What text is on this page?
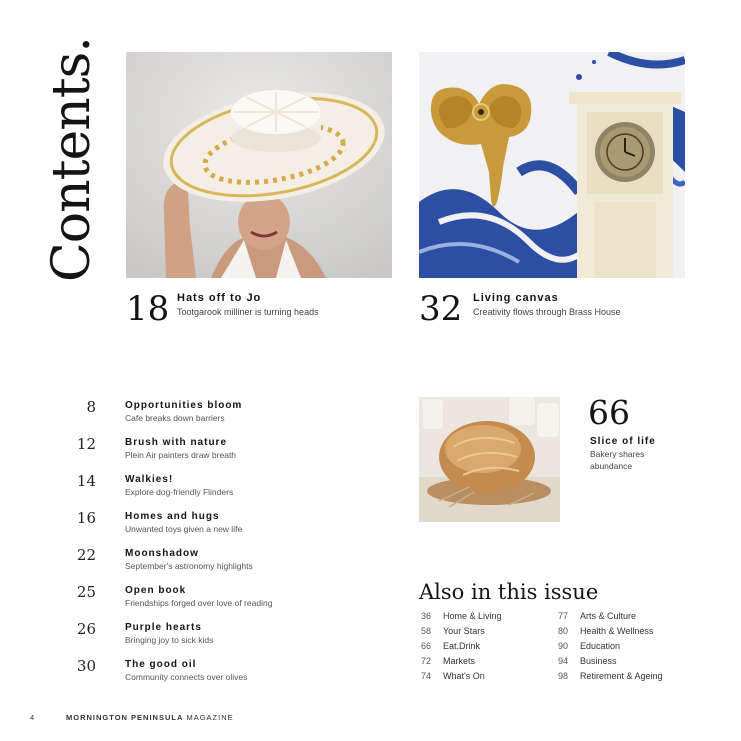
Contents.
18 Hats off to Jo
Tootgarook milliner is turning heads	32 Living canvas
Creativity flows through Brass House
8	Opportunities bloom
Cafe breaks down barriers
12	Brush with nature
Plein Air painters draw breath
14	Walkies!
Explore dog-friendly Flinders
16	Homes and hugs
Unwanted toys given a new life
22	Moonshadow
September's astronomy highlights
25	Open book
Friendships forged over love of reading
26	Purple hearts
Bringing joy to sick kids
30	The good oil
Community connects over olives
66
Slice of life
Bakery shares
abundance
Also in this issue
36 Home & Living
58 Your Stars
66 Eat.Drink
72 Markets
74 What's On
77 Arts & Culture
80 Health & Wellness
90 Education
94 Business
98 Retirement & Ageing
4	MORNINGTON PENINSULA MAGAZINE
